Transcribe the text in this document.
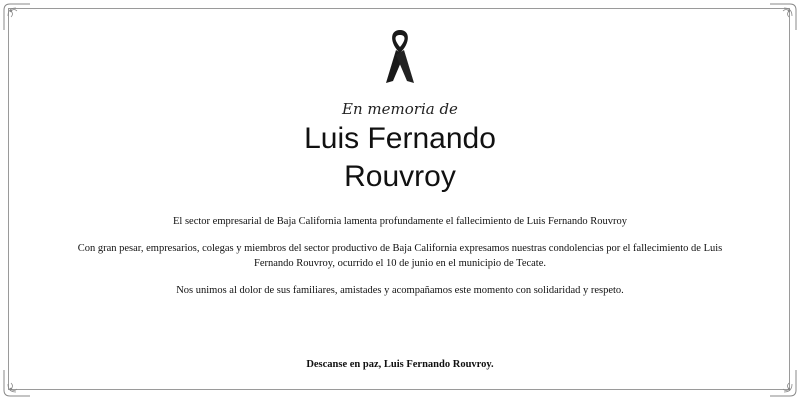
En memoria de
Luis Fernando
Rouvroy
El sector empresarial de Baja California lamenta profundamente el fallecimiento de Luis Fernando Rouvroy
Con gran pesar, empresarios, colegas y miembros del sector productivo de Baja California expresamos nuestras condolencias por el fallecimiento de Luis Fernando Rouvroy, ocurrido el 10 de junio en el municipio de Tecate.
Nos unimos al dolor de sus familiares, amistades y acompañamos este momento con solidaridad y respeto.
Descanse en paz, Luis Fernando Rouvroy.
